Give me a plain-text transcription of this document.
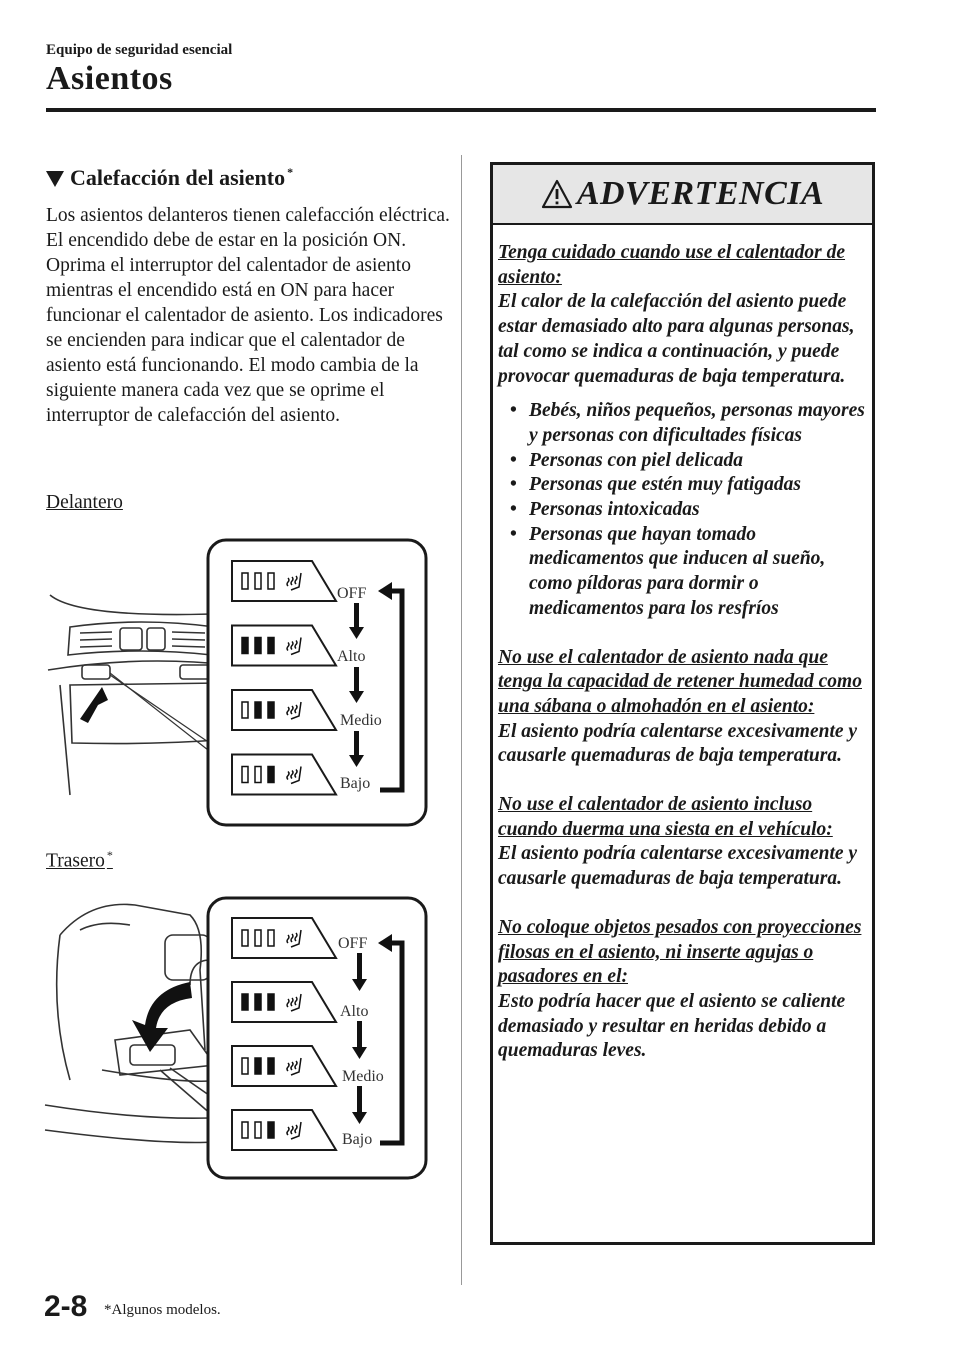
Equipo de seguridad esencial
Asientos
Calefacción del asiento *

Los asientos delanteros tienen calefacción eléctrica. El encendido debe de estar en la posición ON.

Oprima el interruptor del calentador de asiento mientras el encendido está en ON para hacer funcionar el calentador de asiento. Los indicadores se encienden para indicar que el calentador de asiento está funcionando. El modo cambia de la siguiente manera cada vez que se oprime el interruptor de calefacción del asiento.

Delantero
OFF
Alto
Medio
Bajo
Trasero *
OFF
Alto
Medio
Bajo
ADVERTENCIA
Tenga cuidado cuando use el calentador de asiento:
El calor de la calefacción del asiento puede estar demasiado alto para algunas personas, tal como se indica a continuación, y puede provocar quemaduras de baja temperatura.
• Bebés, niños pequeños, personas mayores y personas con dificultades físicas
• Personas con piel delicada
• Personas que estén muy fatigadas
• Personas intoxicadas
• Personas que hayan tomado medicamentos que inducen al sueño, como píldoras para dormir o medicamentos para los resfríos
No use el calentador de asiento nada que tenga la capacidad de retener humedad como una sábana o almohadón en el asiento:
El asiento podría calentarse excesivamente y causarle quemaduras de baja temperatura.
No use el calentador de asiento incluso cuando duerma una siesta en el vehículo:
El asiento podría calentarse excesivamente y causarle quemaduras de baja temperatura.
No coloque objetos pesados con proyecciones filosas en el asiento, ni inserte agujas o pasadores en el:
Esto podría hacer que el asiento se caliente demasiado y resultar en heridas debido a quemaduras leves.
2-8 *Algunos modelos.
